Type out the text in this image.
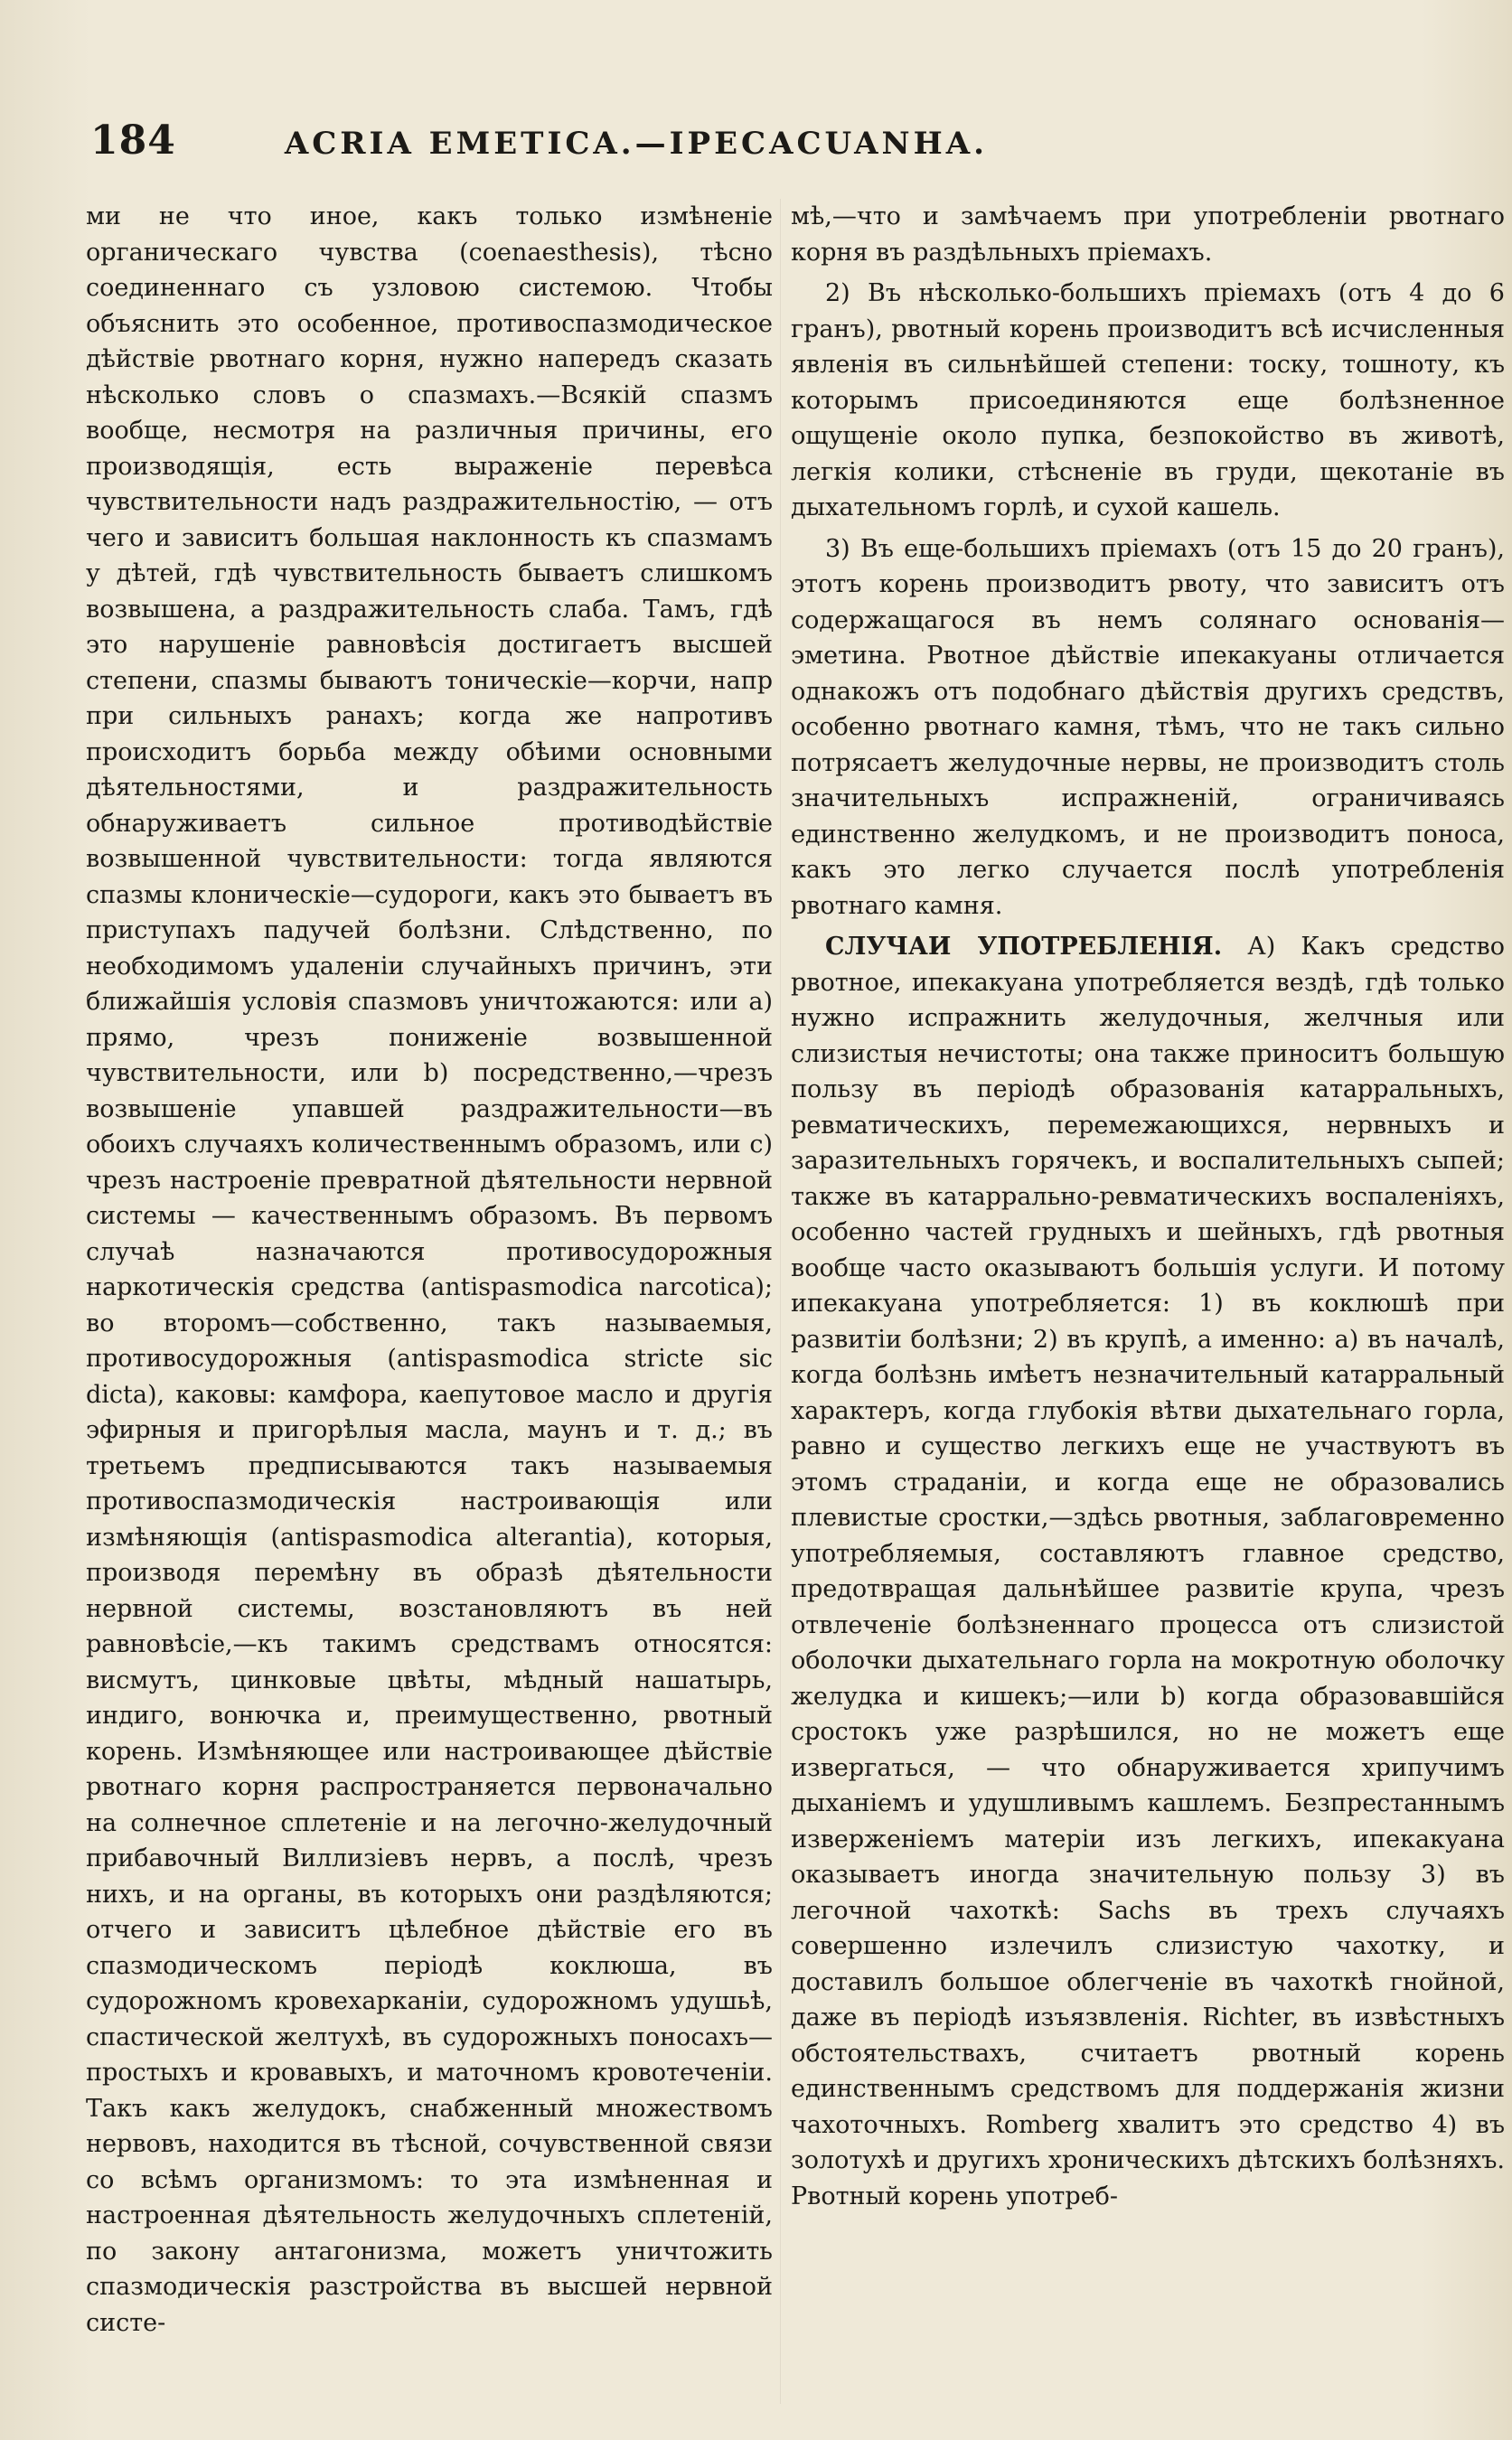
184	ACRIA EMETICA.—IPECACUANHA.

ми не что иное, какъ только измѣненіе органическаго чувства (coenaesthesis), тѣсно соединеннаго съ узловою системою. Чтобы объяснить это особенное, противоспазмодическое дѣйствіе рвотнаго корня, нужно напередъ сказать нѣсколько словъ о спазмахъ.—Всякій спазмъ вообще, несмотря на различныя причины, его производящія, есть выраженіе перевѣса чувствительности надъ раздражительностію, — отъ чего и зависитъ большая наклонность къ спазмамъ у дѣтей, гдѣ чувствительность бываетъ слишкомъ возвышена, а раздражительность слаба. Тамъ, гдѣ это нарушеніе равновѣсія достигаетъ высшей степени, спазмы бываютъ тоническіе—корчи, напр при сильныхъ ранахъ; когда же напротивъ происходитъ борьба между обѣими основными дѣятельностями, и раздражительность обнаруживаетъ сильное противодѣйствіе возвышенной чувствительности: тогда являются спазмы клоническіе—судороги, какъ это бываетъ въ приступахъ падучей болѣзни. Слѣдственно, по необходимомъ удаленіи случайныхъ причинъ, эти ближайшія условія спазмовъ уничтожаются: или а) прямо, чрезъ пониженіе возвышенной чувствительности, или b) посредственно,—чрезъ возвышеніе упавшей раздражительности—въ обоихъ случаяхъ количественнымъ образомъ, или с) чрезъ настроеніе превратной дѣятельности нервной системы — качественнымъ образомъ. Въ первомъ случаѣ назначаются противосудорожныя наркотическія средства (antispasmodica narcotica); во второмъ—собственно, такъ называемыя, противосудорожныя (antispasmodica stricte sic dicta), каковы: камфора, каепутовое масло и другія эфирныя и пригорѣлыя масла, маунъ и т. д.; въ третьемъ предписываются такъ называемыя противоспазмодическія настроивающія или измѣняющія (antispasmodica alterantia), которыя, производя перемѣну въ образѣ дѣятельности нервной системы, возстановляютъ въ ней равновѣсіе,—къ такимъ средствамъ относятся: висмутъ, цинковые цвѣты, мѣдный нашатырь, индиго, вонючка и, преимущественно, рвотный корень. Измѣняющее или настроивающее дѣйствіе рвотнаго корня распространяется первоначально на солнечное сплетеніе и на легочно-желудочный прибавочный Виллизіевъ нервъ, а послѣ, чрезъ нихъ, и на органы, въ которыхъ они раздѣляются; отчего и зависитъ цѣлебное дѣйствіе его въ спазмодическомъ періодѣ коклюша, въ судорожномъ кровехарканіи, судорожномъ удушьѣ, спастической желтухѣ, въ судорожныхъ поносахъ—простыхъ и кровавыхъ, и маточномъ кровотеченіи. Такъ какъ желудокъ, снабженный множествомъ нервовъ, находится въ тѣсной, сочувственной связи со всѣмъ организмомъ: то эта измѣненная и настроенная дѣятельность желудочныхъ сплетеній, по закону антагонизма, можетъ уничтожить спазмодическія разстройства въ высшей нервной систе-

мѣ,—что и замѣчаемъ при употребленіи рвотнаго корня въ раздѣльныхъ пріемахъ.

2) Въ нѣсколько-большихъ пріемахъ (отъ 4 до 6 гранъ), рвотный корень производитъ всѣ исчисленныя явленія въ сильнѣйшей степени: тоску, тошноту, къ которымъ присоединяются еще болѣзненное ощущеніе около пупка, безпокойство въ животѣ, легкія колики, стѣсненіе въ груди, щекотаніе въ дыхательномъ горлѣ, и сухой кашель.

3) Въ еще-большихъ пріемахъ (отъ 15 до 20 гранъ), этотъ корень производитъ рвоту, что зависитъ отъ содержащагося въ немъ солянаго основанія—эметина. Рвотное дѣйствіе ипекакуаны отличается однакожъ отъ подобнаго дѣйствія другихъ средствъ, особенно рвотнаго камня, тѣмъ, что не такъ сильно потрясаетъ желудочные нервы, не производитъ столь значительныхъ испражненій, ограничиваясь единственно желудкомъ, и не производитъ поноса, какъ это легко случается послѣ употребленія рвотнаго камня.

СЛУЧАИ УПОТРЕБЛЕНІЯ. А) Какъ средство рвотное, ипекакуана употребляется вездѣ, гдѣ только нужно испражнить желудочныя, желчныя или слизистыя нечистоты; она также приноситъ большую пользу въ періодѣ образованія катарральныхъ, ревматическихъ, перемежающихся, нервныхъ и заразительныхъ горячекъ, и воспалительныхъ сыпей; также въ катаррально-ревматическихъ воспаленіяхъ, особенно частей грудныхъ и шейныхъ, гдѣ рвотныя вообще часто оказываютъ большія услуги. И потому ипекакуана употребляется: 1) въ коклюшѣ при развитіи болѣзни; 2) въ крупѣ, а именно: а) въ началѣ, когда болѣзнь имѣетъ незначительный катарральный характеръ, когда глубокія вѣтви дыхательнаго горла, равно и существо легкихъ еще не участвуютъ въ этомъ страданіи, и когда еще не образовались плевистые сростки,—здѣсь рвотныя, заблаговременно употребляемыя, составляютъ главное средство, предотвращая дальнѣйшее развитіе крупа, чрезъ отвлеченіе болѣзненнаго процесса отъ слизистой оболочки дыхательнаго горла на мокротную оболочку желудка и кишекъ;—или b) когда образовавшійся сростокъ уже разрѣшился, но не можетъ еще извергаться, — что обнаруживается хрипучимъ дыханіемъ и удушливымъ кашлемъ. Безпрестаннымъ изверженіемъ матеріи изъ легкихъ, ипекакуана оказываетъ иногда значительную пользу 3) въ легочной чахоткѣ: Sachs въ трехъ случаяхъ совершенно излечилъ слизистую чахотку, и доставилъ большое облегченіе въ чахоткѣ гнойной, даже въ періодѣ изъязвленія. Richter, въ извѣстныхъ обстоятельствахъ, считаетъ рвотный корень единственнымъ средствомъ для поддержанія жизни чахоточныхъ. Romberg хвалитъ это средство 4) въ золотухѣ и другихъ хроническихъ дѣтскихъ болѣзняхъ. Рвотный корень употреб-
